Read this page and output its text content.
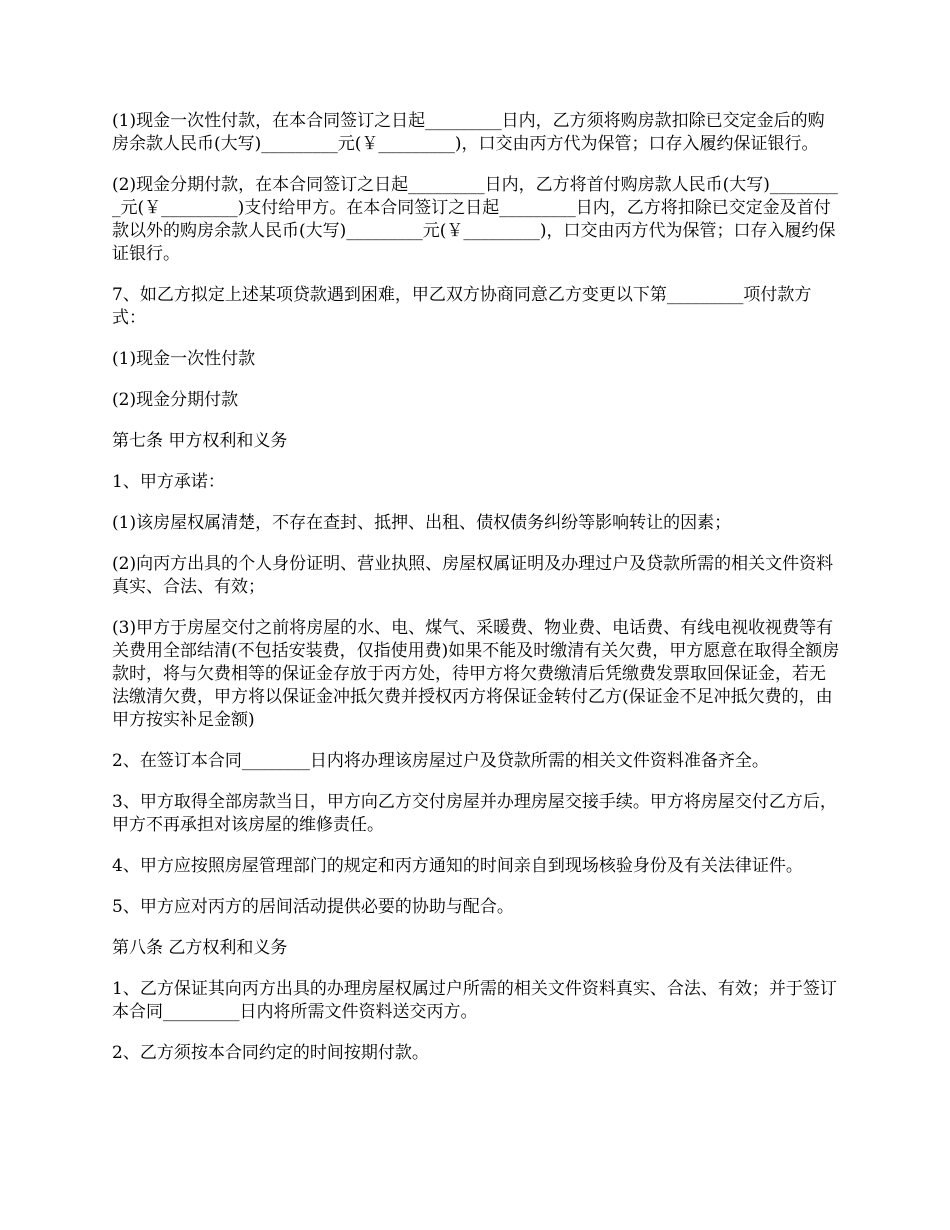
(1)现金一次性付款，在本合同签订之日起_________日内，乙方须将购房款扣除已交定金后的购房余款人民币(大写)_________元(￥_________)，口交由丙方代为保管；口存入履约保证银行。

(2)现金分期付款，在本合同签订之日起_________日内，乙方将首付购房款人民币(大写)_________元(￥_________)支付给甲方。在本合同签订之日起_________日内，乙方将扣除已交定金及首付款以外的购房余款人民币(大写)_________元(￥_________)，口交由丙方代为保管；口存入履约保证银行。

7、如乙方拟定上述某项贷款遇到困难，甲乙双方协商同意乙方变更以下第_________项付款方式：

(1)现金一次性付款

(2)现金分期付款

第七条 甲方权利和义务

1、甲方承诺：

(1)该房屋权属清楚，不存在查封、抵押、出租、债权债务纠纷等影响转让的因素；

(2)向丙方出具的个人身份证明、营业执照、房屋权属证明及办理过户及贷款所需的相关文件资料真实、合法、有效；

(3)甲方于房屋交付之前将房屋的水、电、煤气、采暖费、物业费、电话费、有线电视收视费等有关费用全部结清(不包括安装费，仅指使用费)如果不能及时缴清有关欠费，甲方愿意在取得全额房款时，将与欠费相等的保证金存放于丙方处，待甲方将欠费缴清后凭缴费发票取回保证金，若无法缴清欠费，甲方将以保证金冲抵欠费并授权丙方将保证金转付乙方(保证金不足冲抵欠费的，由甲方按实补足金额)

2、在签订本合同________日内将办理该房屋过户及贷款所需的相关文件资料准备齐全。

3、甲方取得全部房款当日，甲方向乙方交付房屋并办理房屋交接手续。甲方将房屋交付乙方后，甲方不再承担对该房屋的维修责任。

4、甲方应按照房屋管理部门的规定和丙方通知的时间亲自到现场核验身份及有关法律证件。

5、甲方应对丙方的居间活动提供必要的协助与配合。

第八条 乙方权利和义务

1、乙方保证其向丙方出具的办理房屋权属过户所需的相关文件资料真实、合法、有效；并于签订本合同_________日内将所需文件资料送交丙方。

2、乙方须按本合同约定的时间按期付款。
